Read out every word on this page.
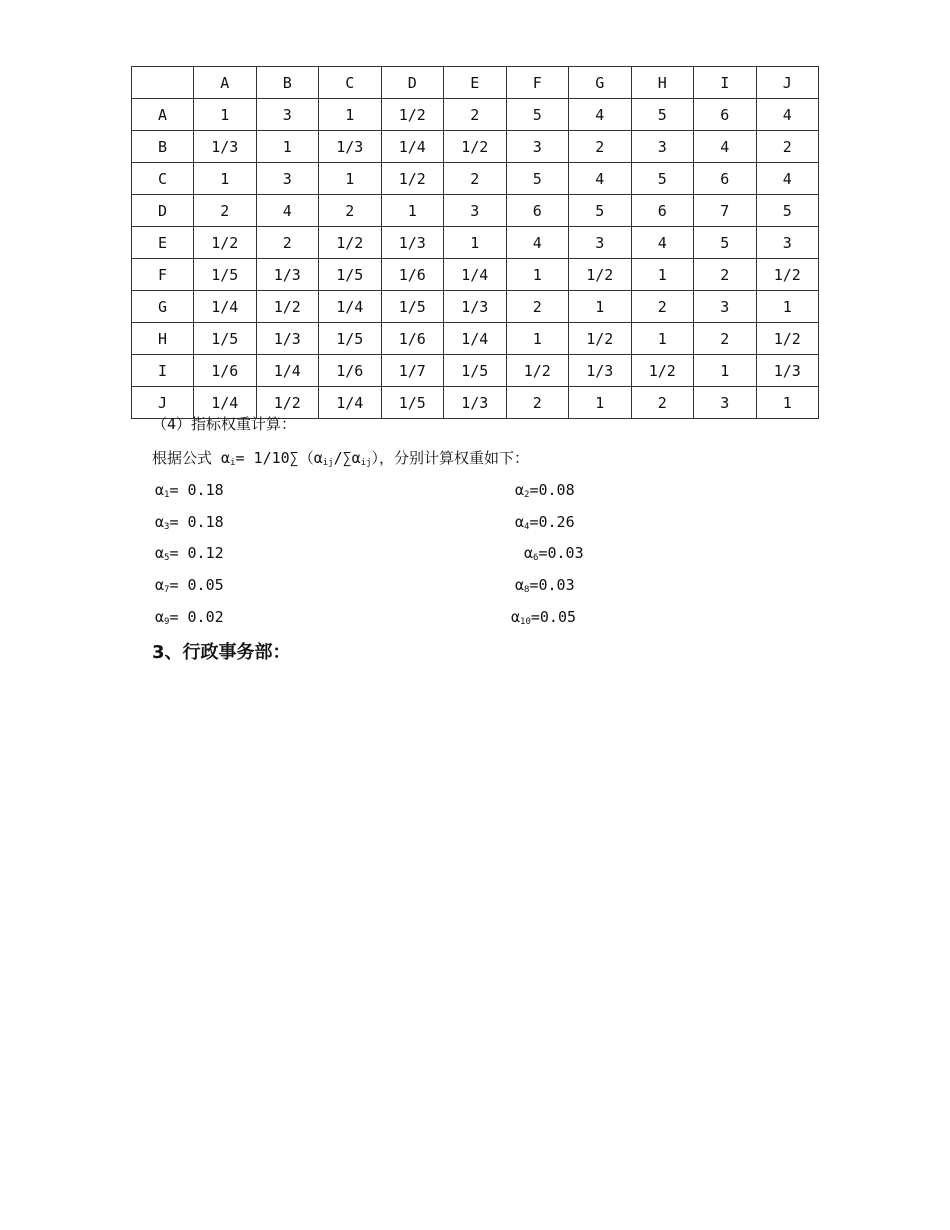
	A	B	C	D	E	F	G	H	I	J
A	1	3	1	1/2	2	5	4	5	6	4
B	1/3	1	1/3	1/4	1/2	3	2	3	4	2
C	1	3	1	1/2	2	5	4	5	6	4
D	2	4	2	1	3	6	5	6	7	5
E	1/2	2	1/2	1/3	1	4	3	4	5	3
F	1/5	1/3	1/5	1/6	1/4	1	1/2	1	2	1/2
G	1/4	1/2	1/4	1/5	1/3	2	1	2	3	1
H	1/5	1/3	1/5	1/6	1/4	1	1/2	1	2	1/2
I	1/6	1/4	1/6	1/7	1/5	1/2	1/3	1/2	1	1/3
J	1/4	1/2	1/4	1/5	1/3	2	1	2	3	1
（4）指标权重计算：
根据公式 $\alpha_i= 1/10\sum(\alpha_{ij}/\sum\alpha_{ij})$，分别计算权重如下：
$\alpha_1= 0.18$	$\alpha_2=0.08$
$\alpha_3= 0.18$	$\alpha_4=0.26$
$\alpha_5= 0.12$	$\alpha_6=0.03$
$\alpha_7= 0.05$	$\alpha_8=0.03$
$\alpha_9= 0.02$	$\alpha_{10}=0.05$
3、行政事务部：
